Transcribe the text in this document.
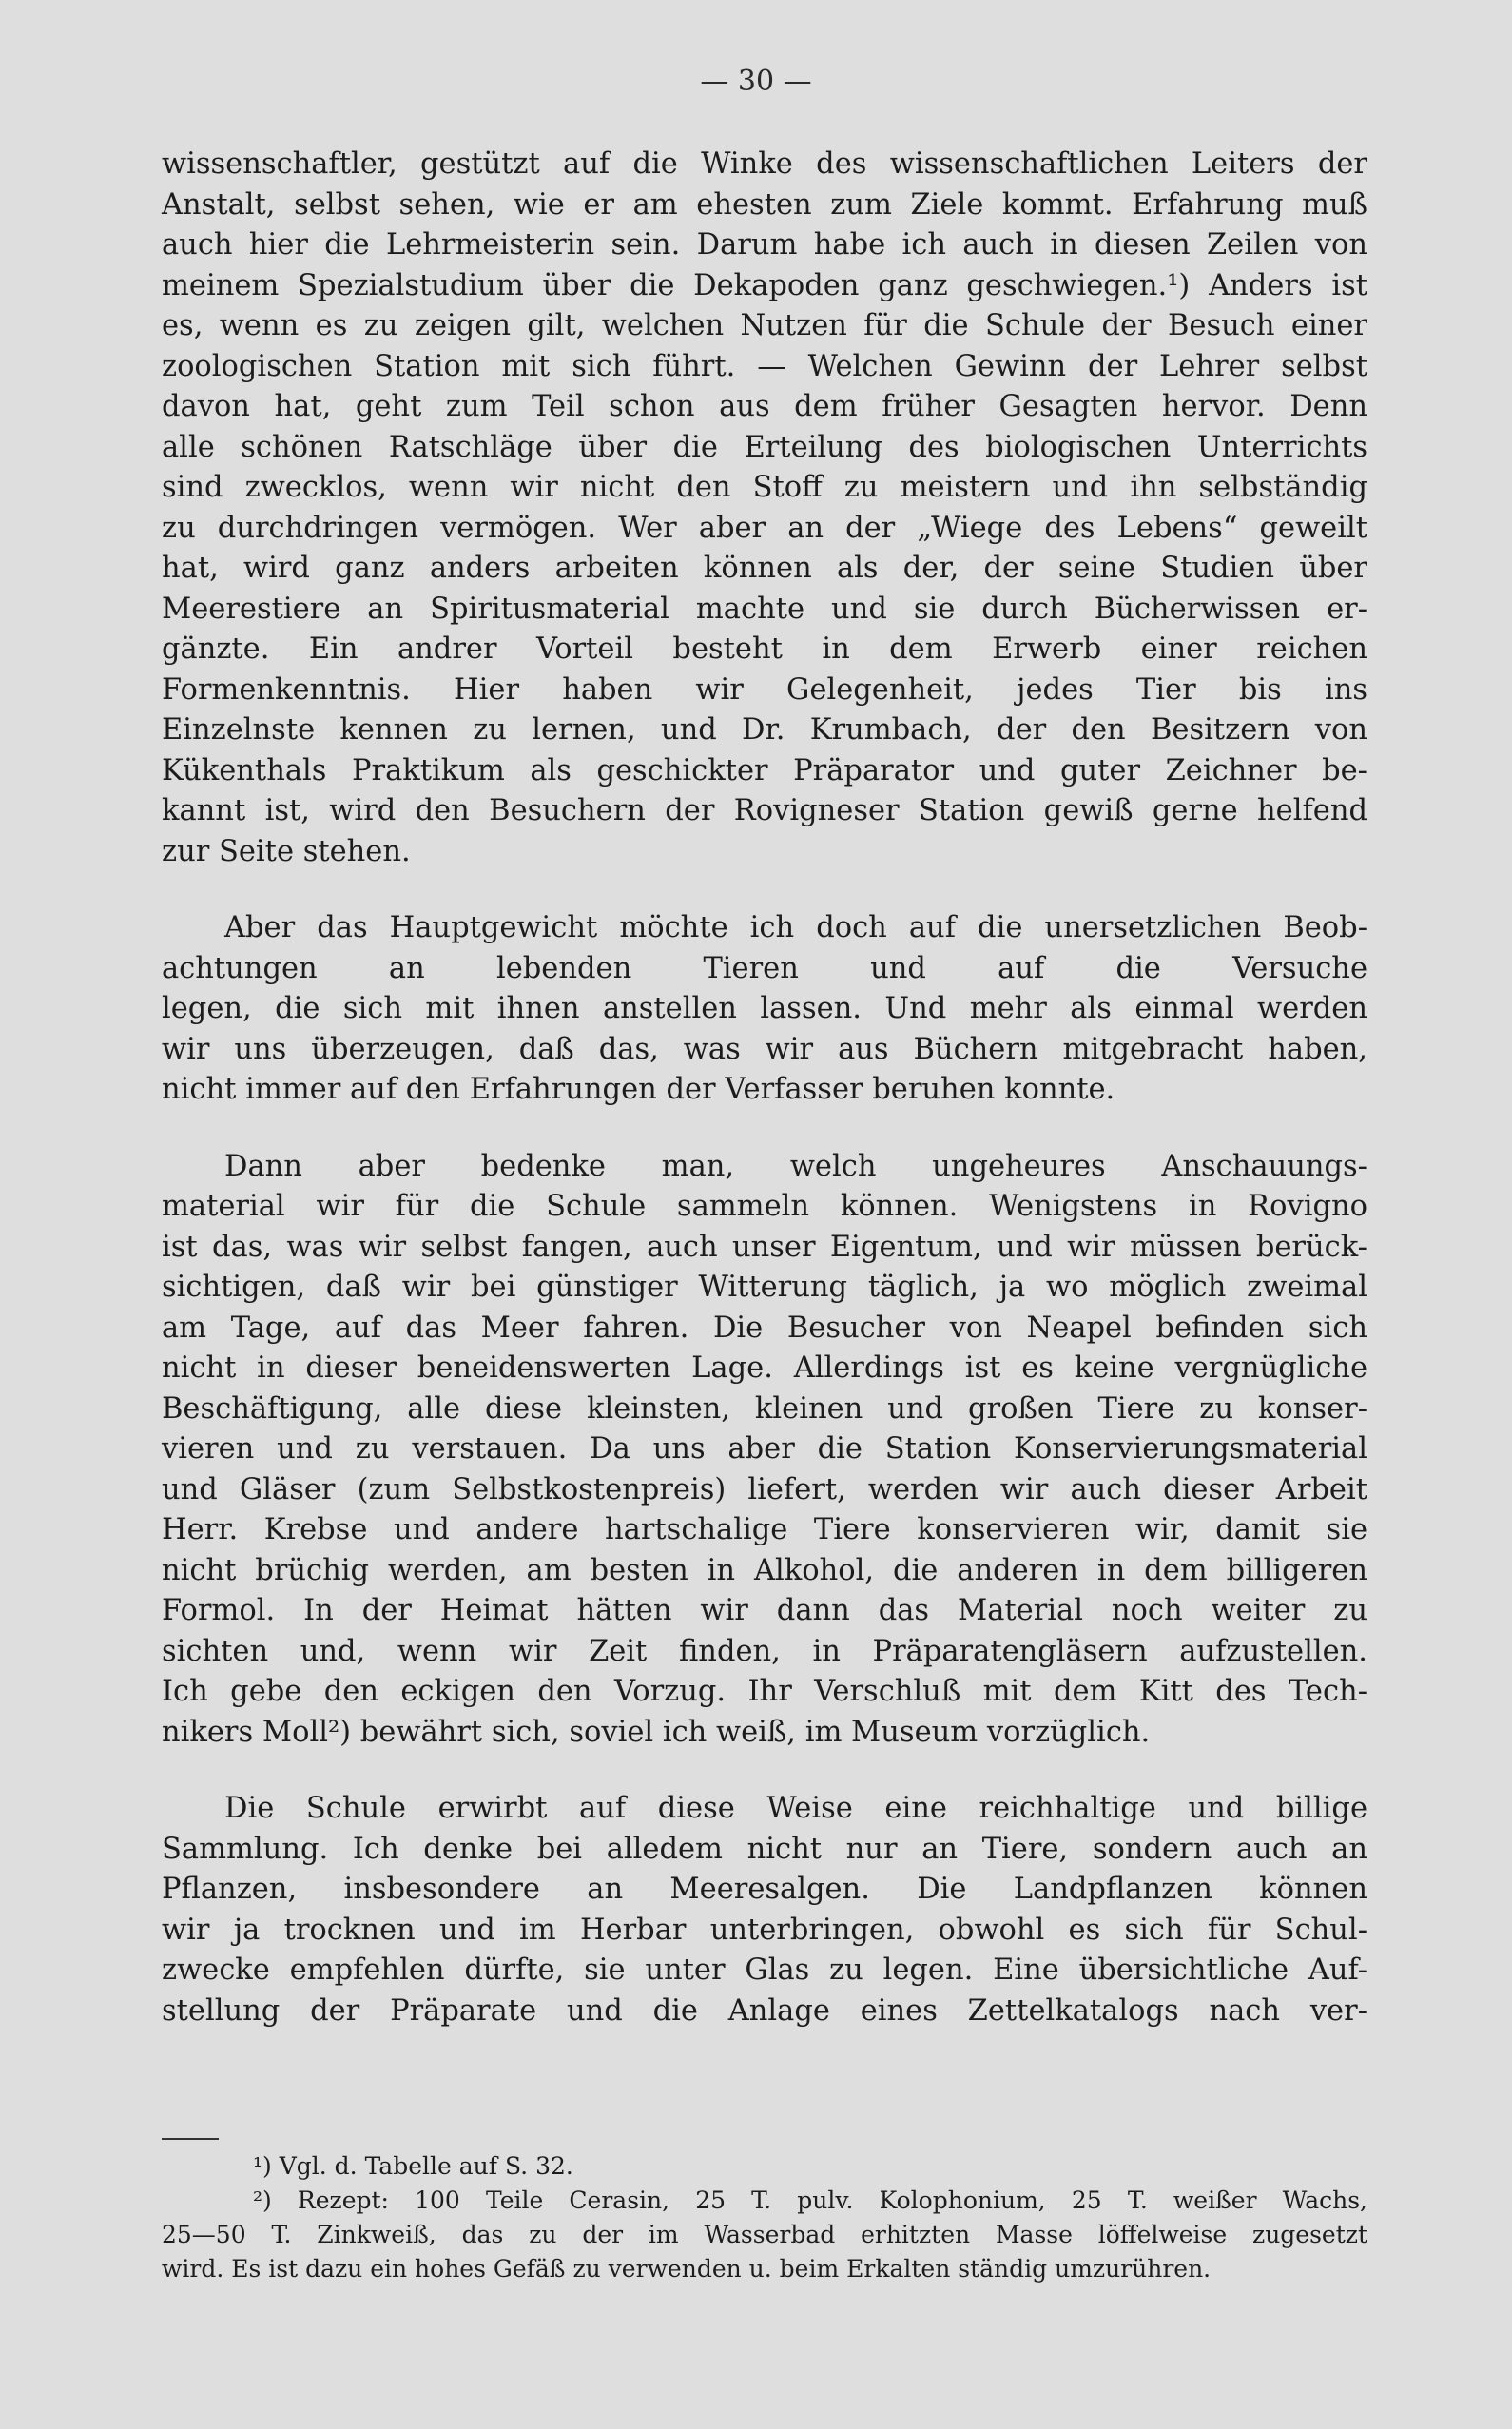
— 30 —
wissenschaftler, gestützt auf die Winke des wissenschaftlichen Leiters der
Anstalt, selbst sehen, wie er am ehesten zum Ziele kommt. Erfahrung muß
auch hier die Lehrmeisterin sein. Darum habe ich auch in diesen Zeilen von
meinem Spezialstudium über die Dekapoden ganz geschwiegen.¹) Anders ist
es, wenn es zu zeigen gilt, welchen Nutzen für die Schule der Besuch einer
zoologischen Station mit sich führt. — Welchen Gewinn der Lehrer selbst
davon hat, geht zum Teil schon aus dem früher Gesagten hervor. Denn
alle schönen Ratschläge über die Erteilung des biologischen Unterrichts
sind zwecklos, wenn wir nicht den Stoff zu meistern und ihn selbständig
zu durchdringen vermögen. Wer aber an der „Wiege des Lebens“ geweilt
hat, wird ganz anders arbeiten können als der, der seine Studien über
Meerestiere an Spiritusmaterial machte und sie durch Bücherwissen er-
gänzte. Ein andrer Vorteil besteht in dem Erwerb einer reichen
Formenkenntnis. Hier haben wir Gelegenheit, jedes Tier bis ins
Einzelnste kennen zu lernen, und Dr. Krumbach, der den Besitzern von
Kükenthals Praktikum als geschickter Präparator und guter Zeichner be-
kannt ist, wird den Besuchern der Rovigneser Station gewiß gerne helfend
zur Seite stehen.
Aber das Hauptgewicht möchte ich doch auf die unersetzlichen Beob-
achtungen an lebenden Tieren und auf die Versuche
legen, die sich mit ihnen anstellen lassen. Und mehr als einmal werden
wir uns überzeugen, daß das, was wir aus Büchern mitgebracht haben,
nicht immer auf den Erfahrungen der Verfasser beruhen konnte.
Dann aber bedenke man, welch ungeheures Anschauungs-
material wir für die Schule sammeln können. Wenigstens in Rovigno
ist das, was wir selbst fangen, auch unser Eigentum, und wir müssen berück-
sichtigen, daß wir bei günstiger Witterung täglich, ja wo möglich zweimal
am Tage, auf das Meer fahren. Die Besucher von Neapel befinden sich
nicht in dieser beneidenswerten Lage. Allerdings ist es keine vergnügliche
Beschäftigung, alle diese kleinsten, kleinen und großen Tiere zu konser-
vieren und zu verstauen. Da uns aber die Station Konservierungsmaterial
und Gläser (zum Selbstkostenpreis) liefert, werden wir auch dieser Arbeit
Herr. Krebse und andere hartschalige Tiere konservieren wir, damit sie
nicht brüchig werden, am besten in Alkohol, die anderen in dem billigeren
Formol. In der Heimat hätten wir dann das Material noch weiter zu
sichten und, wenn wir Zeit finden, in Präparatengläsern aufzustellen.
Ich gebe den eckigen den Vorzug. Ihr Verschluß mit dem Kitt des Tech-
nikers Moll²) bewährt sich, soviel ich weiß, im Museum vorzüglich.
Die Schule erwirbt auf diese Weise eine reichhaltige und billige
Sammlung. Ich denke bei alledem nicht nur an Tiere, sondern auch an
Pflanzen, insbesondere an Meeresalgen. Die Landpflanzen können
wir ja trocknen und im Herbar unterbringen, obwohl es sich für Schul-
zwecke empfehlen dürfte, sie unter Glas zu legen. Eine übersichtliche Auf-
stellung der Präparate und die Anlage eines Zettelkatalogs nach ver-
¹) Vgl. d. Tabelle auf S. 32.
²) Rezept: 100 Teile Cerasin, 25 T. pulv. Kolophonium, 25 T. weißer Wachs,
25—50 T. Zinkweiß, das zu der im Wasserbad erhitzten Masse löffelweise zugesetzt
wird. Es ist dazu ein hohes Gefäß zu verwenden u. beim Erkalten ständig umzurühren.
